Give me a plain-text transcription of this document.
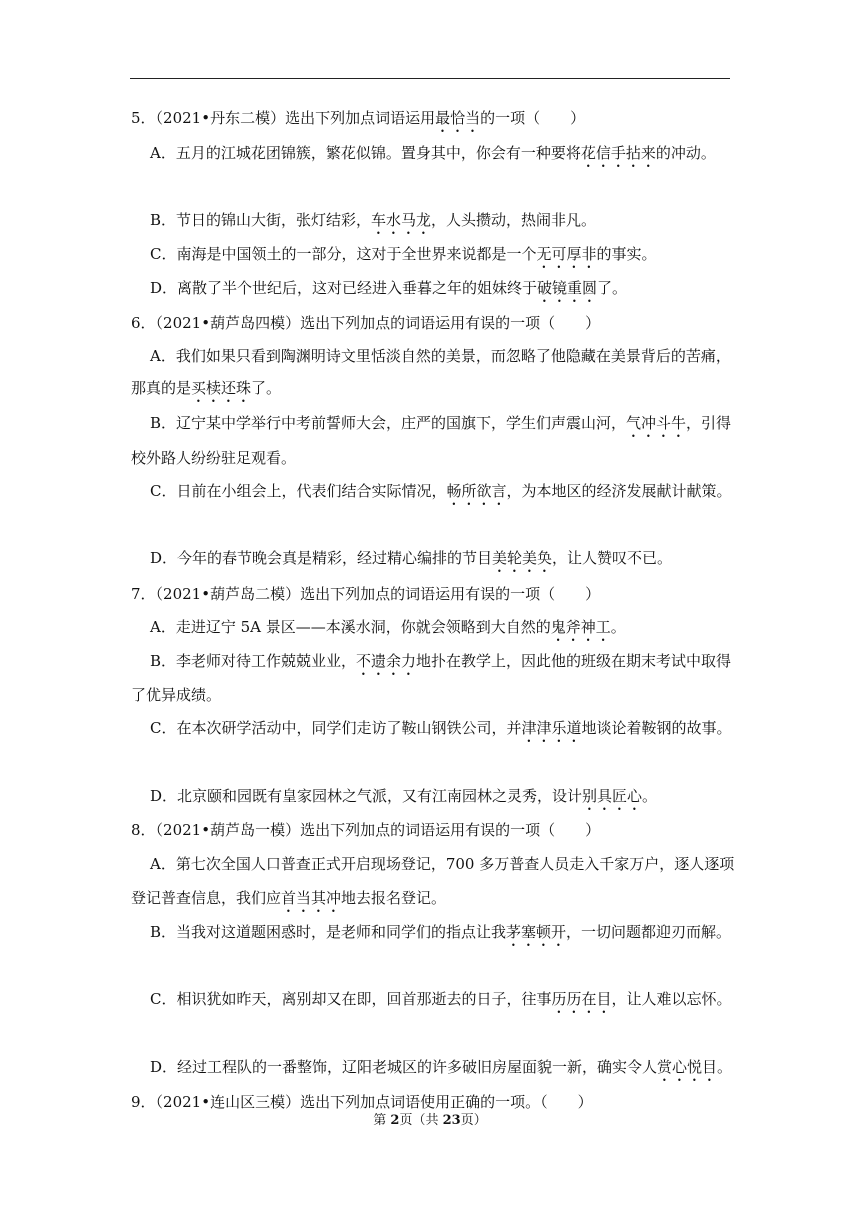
5．（2021•丹东二模）选出下列加点词语运用最恰当的一项（　　）
A．五月的江城花团锦簇，繁花似锦。置身其中，你会有一种要将花信手拈来的冲动。
B．节日的锦山大街，张灯结彩，车水马龙，人头攒动，热闹非凡。
C．南海是中国领土的一部分，这对于全世界来说都是一个无可厚非的事实。
D．离散了半个世纪后，这对已经进入垂暮之年的姐妹终于破镜重圆了。
6．（2021•葫芦岛四模）选出下列加点的词语运用有误的一项（　　）
A．我们如果只看到陶渊明诗文里恬淡自然的美景，而忽略了他隐藏在美景背后的苦痛，
那真的是买椟还珠了。
B．辽宁某中学举行中考前誓师大会，庄严的国旗下，学生们声震山河，气冲斗牛，引得
校外路人纷纷驻足观看。
C．日前在小组会上，代表们结合实际情况，畅所欲言，为本地区的经济发展献计献策。
D．今年的春节晚会真是精彩，经过精心编排的节目美轮美奂，让人赞叹不已。
7．（2021•葫芦岛二模）选出下列加点的词语运用有误的一项（　　）
A．走进辽宁 5A 景区——本溪水洞，你就会领略到大自然的鬼斧神工。
B．李老师对待工作兢兢业业，不遗余力地扑在教学上，因此他的班级在期末考试中取得
了优异成绩。
C．在本次研学活动中，同学们走访了鞍山钢铁公司，并津津乐道地谈论着鞍钢的故事。
D．北京颐和园既有皇家园林之气派，又有江南园林之灵秀，设计别具匠心。
8．（2021•葫芦岛一模）选出下列加点的词语运用有误的一项（　　）
A．第七次全国人口普查正式开启现场登记，700 多万普查人员走入千家万户，逐人逐项
登记普查信息，我们应首当其冲地去报名登记。
B．当我对这道题困惑时，是老师和同学们的指点让我茅塞顿开，一切问题都迎刃而解。
C．相识犹如昨天，离别却又在即，回首那逝去的日子，往事历历在目，让人难以忘怀。
D．经过工程队的一番整饰，辽阳老城区的许多破旧房屋面貌一新，确实令人赏心悦目。
9．（2021•连山区三模）选出下列加点词语使用正确的一项。（　　）
第 2页（共 23页）
